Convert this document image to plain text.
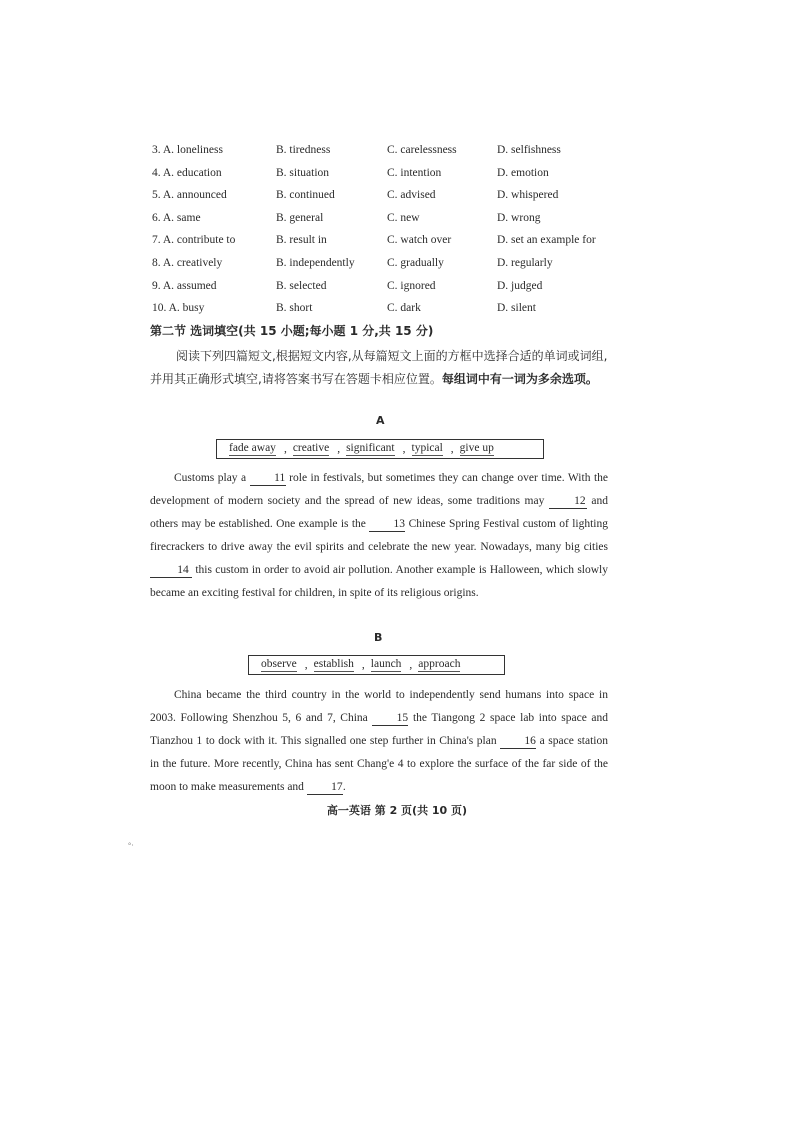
3. A. loneliness	B. tiredness	C. carelessness	D. selfishness
4. A. education	B. situation	C. intention	D. emotion
5. A. announced	B. continued	C. advised	D. whispered
6. A. same	B. general	C. new	D. wrong
7. A. contribute to	B. result in	C. watch over	D. set an example for
8. A. creatively	B. independently	C. gradually	D. regularly
9. A. assumed	B. selected	C. ignored	D. judged
10. A. busy	B. short	C. dark	D. silent
第二节 选词填空(共 15 小题;每小题 1 分,共 15 分)
阅读下列四篇短文,根据短文内容,从每篇短文上面的方框中选择合适的单词或词组,并用其正确形式填空,请将答案书写在答题卡相应位置。每组词中有一词为多余选项。
A
fade away , creative , significant , typical , give up

Customs play a 11 role in festivals, but sometimes they can change over time. With the development of modern society and the spread of new ideas, some traditions may 12 and others may be established. One example is the 13 Chinese Spring Festival custom of lighting firecrackers to drive away the evil spirits and celebrate the new year. Nowadays, many big cities 14 this custom in order to avoid air pollution. Another example is Halloween, which slowly became an exciting festival for children, in spite of its religious origins.

B
observe , establish , launch , approach

China became the third country in the world to independently send humans into space in 2003. Following Shenzhou 5, 6 and 7, China 15 the Tiangong 2 space lab into space and Tianzhou 1 to dock with it. This signalled one step further in China's plan 16 a space station in the future. More recently, China has sent Chang'e 4 to explore the surface of the far side of the moon to make measurements and 17.

高一英语 第 2 页(共 10 页)
°·
